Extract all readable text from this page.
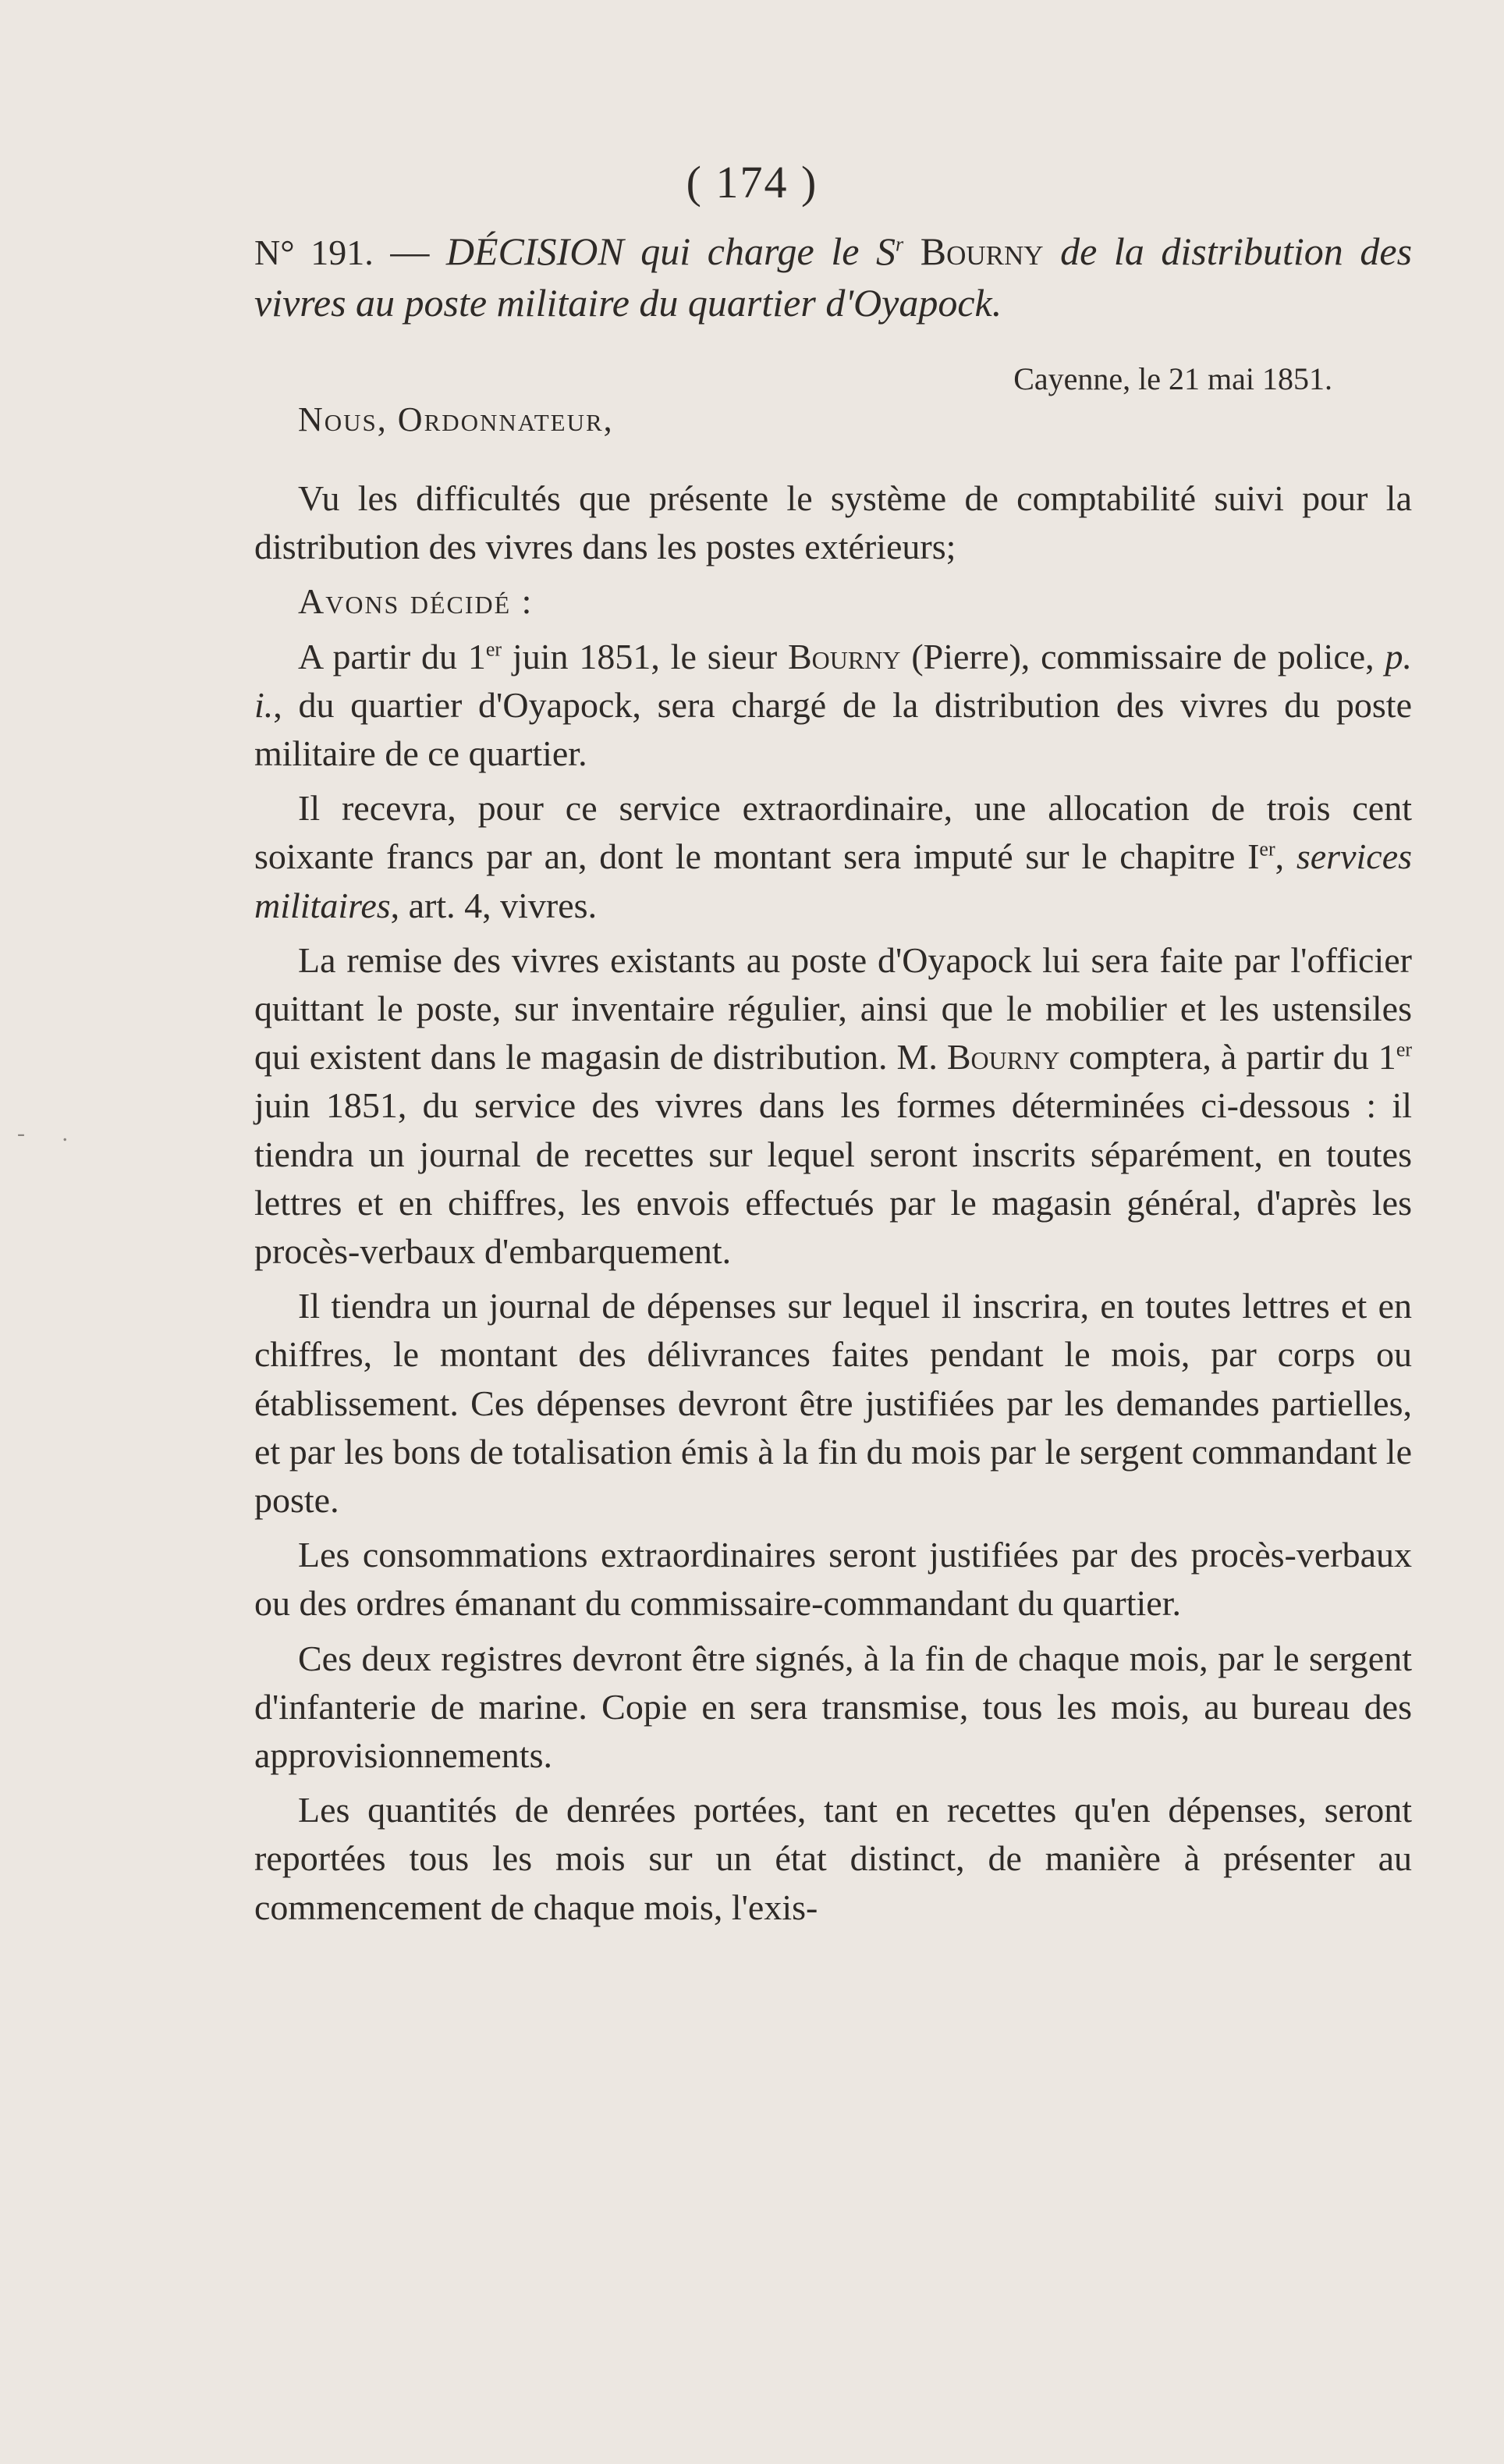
( 174 )
N° 191. — DÉCISION qui charge le $S^r$ Bourny de la distribution des vivres au poste militaire du quartier d'Oyapock.
Cayenne, le 21 mai 1851.
Nous, Ordonnateur,

Vu les difficultés que présente le système de comptabilité suivi pour la distribution des vivres dans les postes extérieurs;

Avons décidé :

A partir du 1er juin 1851, le sieur Bourny (Pierre), commissaire de police, p. i., du quartier d'Oyapock, sera chargé de la distribution des vivres du poste militaire de ce quartier.

Il recevra, pour ce service extraordinaire, une allocation de trois cent soixante francs par an, dont le montant sera imputé sur le chapitre Ier, services militaires, art. 4, vivres.

La remise des vivres existants au poste d'Oyapock lui sera faite par l'officier quittant le poste, sur inventaire régulier, ainsi que le mobilier et les ustensiles qui existent dans le magasin de distribution. M. Bourny comptera, à partir du 1er juin 1851, du service des vivres dans les formes déterminées ci-dessous : il tiendra un journal de recettes sur lequel seront inscrits séparément, en toutes lettres et en chiffres, les envois effectués par le magasin général, d'après les procès-verbaux d'embarquement.

Il tiendra un journal de dépenses sur lequel il inscrira, en toutes lettres et en chiffres, le montant des délivrances faites pendant le mois, par corps ou établissement. Ces dépenses devront être justifiées par les demandes partielles, et par les bons de totalisation émis à la fin du mois par le sergent commandant le poste.

Les consommations extraordinaires seront justifiées par des procès-verbaux ou des ordres émanant du commissaire-commandant du quartier.

Ces deux registres devront être signés, à la fin de chaque mois, par le sergent d'infanterie de marine. Copie en sera transmise, tous les mois, au bureau des approvisionnements.

Les quantités de denrées portées, tant en recettes qu'en dépenses, seront reportées tous les mois sur un état distinct, de manière à présenter au commencement de chaque mois, l'exis-

- .
